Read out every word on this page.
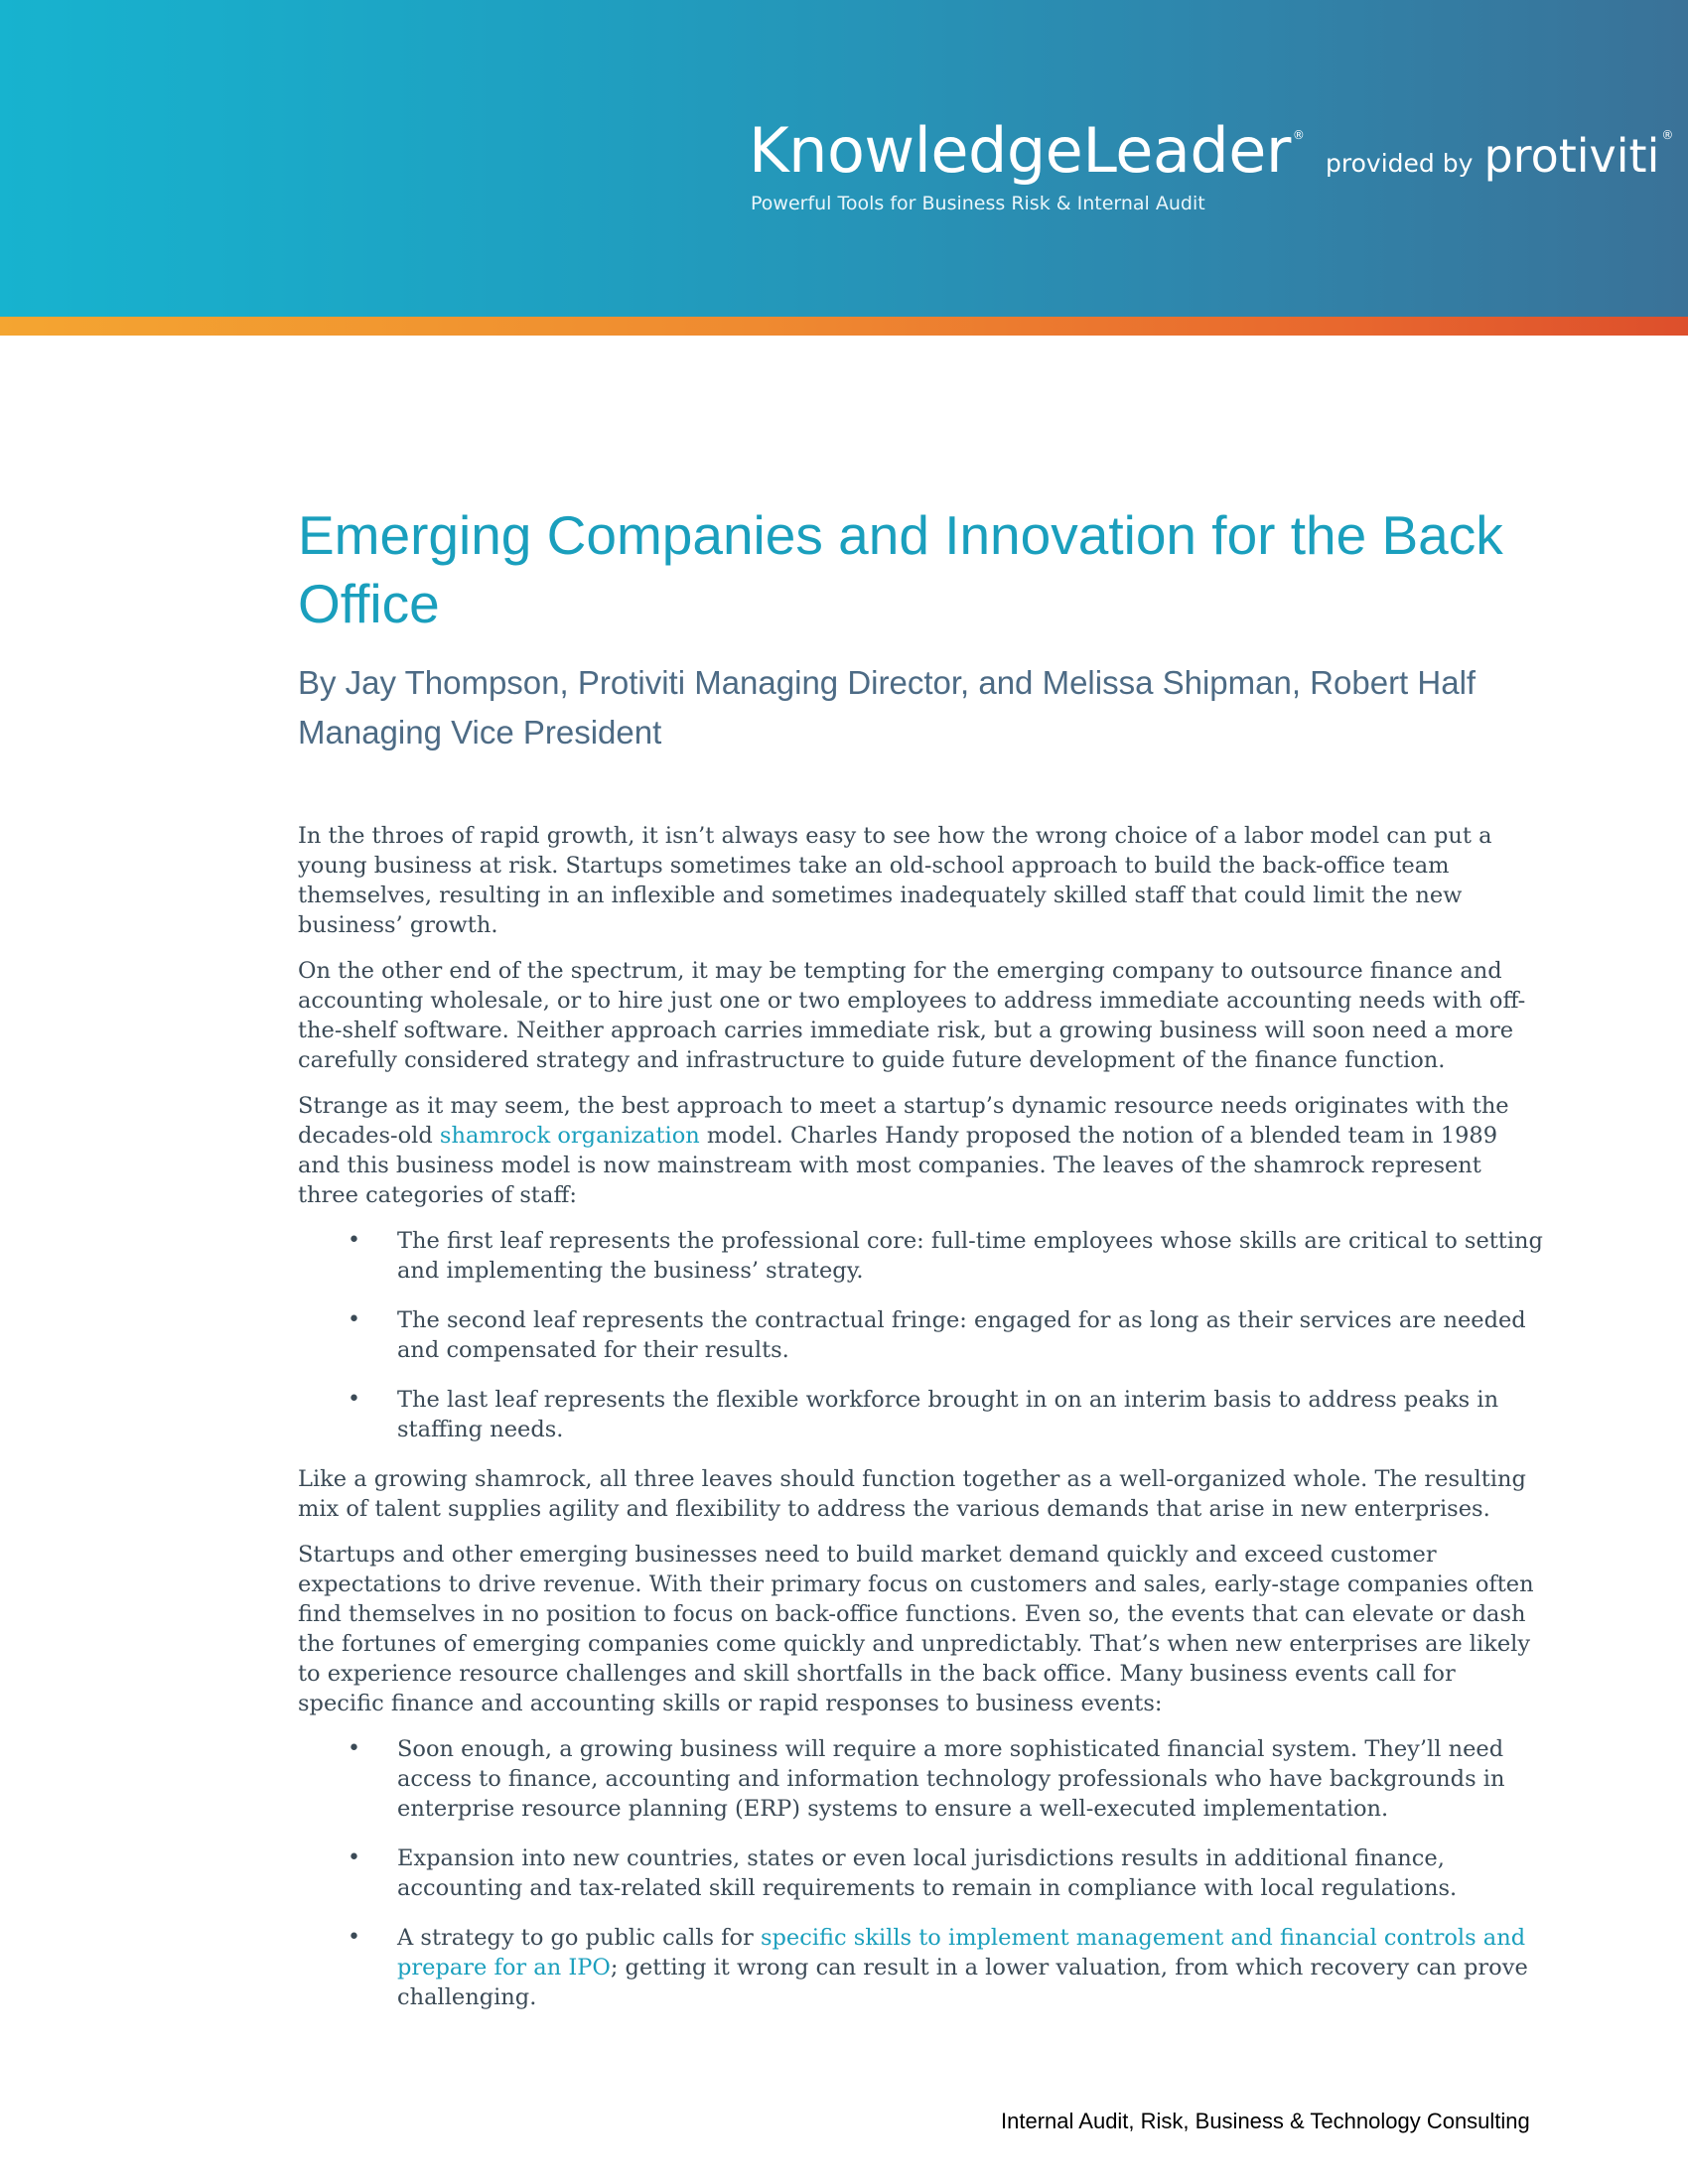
KnowledgeLeader ® provided by protiviti ®
Powerful Tools for Business Risk & Internal Audit
Emerging Companies and Innovation for the Back Office

By Jay Thompson, Protiviti Managing Director, and Melissa Shipman, Robert Half Managing Vice President

In the throes of rapid growth, it isn’t always easy to see how the wrong choice of a labor model can put a young business at risk. Startups sometimes take an old-school approach to build the back-office team themselves, resulting in an inflexible and sometimes inadequately skilled staff that could limit the new business’ growth.

On the other end of the spectrum, it may be tempting for the emerging company to outsource finance and accounting wholesale, or to hire just one or two employees to address immediate accounting needs with off-the-shelf software. Neither approach carries immediate risk, but a growing business will soon need a more carefully considered strategy and infrastructure to guide future development of the finance function.

Strange as it may seem, the best approach to meet a startup’s dynamic resource needs originates with the decades-old shamrock organization model. Charles Handy proposed the notion of a blended team in 1989 and this business model is now mainstream with most companies. The leaves of the shamrock represent three categories of staff:

• The first leaf represents the professional core: full-time employees whose skills are critical to setting and implementing the business’ strategy.
• The second leaf represents the contractual fringe: engaged for as long as their services are needed and compensated for their results.
• The last leaf represents the flexible workforce brought in on an interim basis to address peaks in staffing needs.

Like a growing shamrock, all three leaves should function together as a well-organized whole. The resulting mix of talent supplies agility and flexibility to address the various demands that arise in new enterprises.

Startups and other emerging businesses need to build market demand quickly and exceed customer expectations to drive revenue. With their primary focus on customers and sales, early-stage companies often find themselves in no position to focus on back-office functions. Even so, the events that can elevate or dash the fortunes of emerging companies come quickly and unpredictably. That’s when new enterprises are likely to experience resource challenges and skill shortfalls in the back office. Many business events call for specific finance and accounting skills or rapid responses to business events:

• Soon enough, a growing business will require a more sophisticated financial system. They’ll need access to finance, accounting and information technology professionals who have backgrounds in enterprise resource planning (ERP) systems to ensure a well-executed implementation.
• Expansion into new countries, states or even local jurisdictions results in additional finance, accounting and tax-related skill requirements to remain in compliance with local regulations.
• A strategy to go public calls for specific skills to implement management and financial controls and prepare for an IPO; getting it wrong can result in a lower valuation, from which recovery can prove challenging.
Internal Audit, Risk, Business & Technology Consulting
